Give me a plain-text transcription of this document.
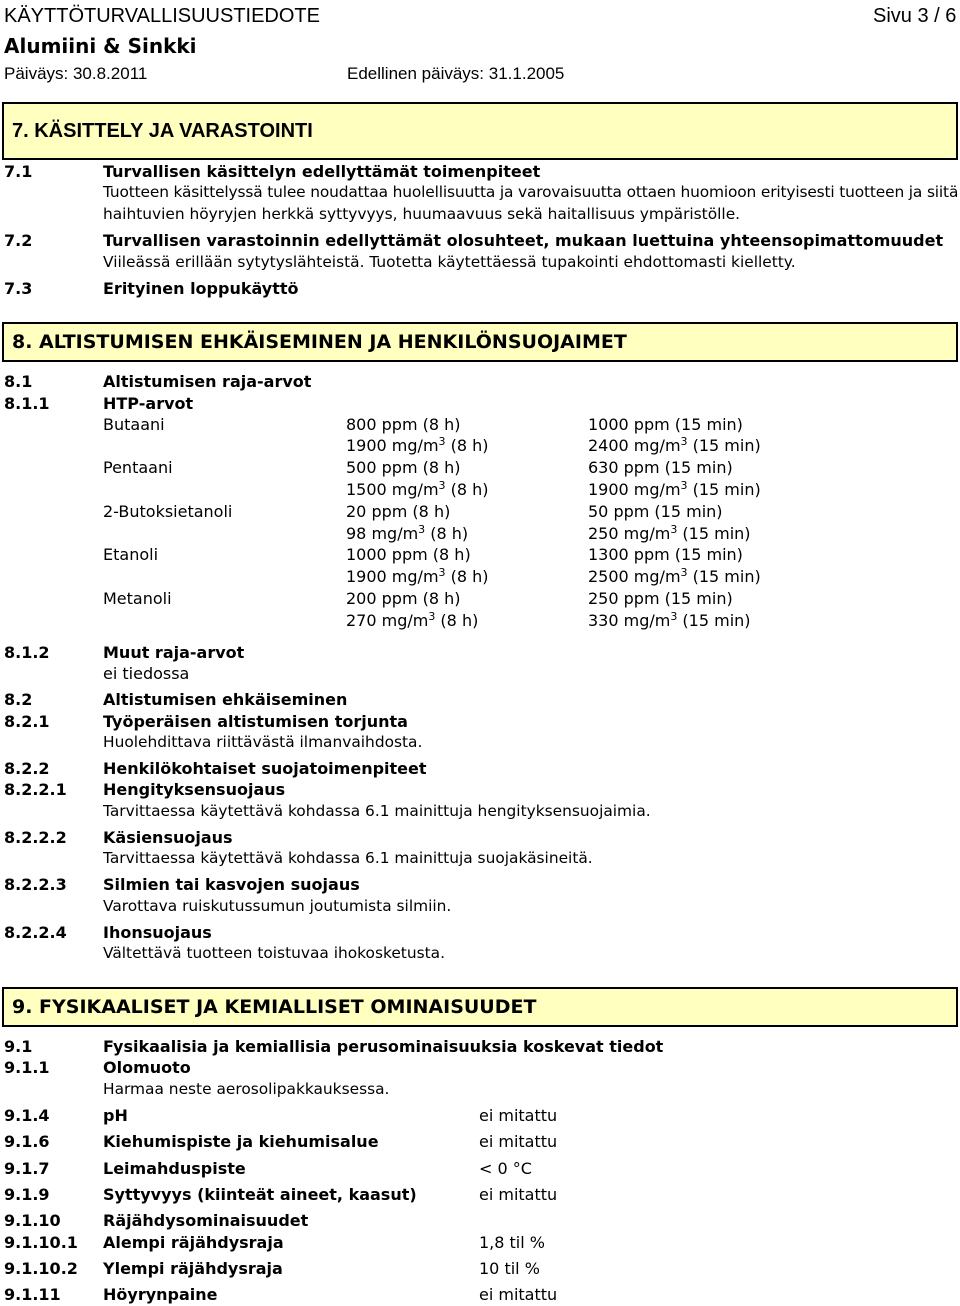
KÄYTTÖTURVALLISUUSTIEDOTE	Sivu 3 / 6
Alumiini & Sinkki
Päiväys: 30.8.2011	Edellinen päiväys: 31.1.2005
7. KÄSITTELY JA VARASTOINTI
7.1	Turvallisen käsittelyn edellyttämät toimenpiteet
Tuotteen käsittelyssä tulee noudattaa huolellisuutta ja varovaisuutta ottaen huomioon erityisesti tuotteen ja siitä
haihtuvien höyryjen herkkä syttyvyys, huumaavuus sekä haitallisuus ympäristölle.
7.2	Turvallisen varastoinnin edellyttämät olosuhteet, mukaan luettuina yhteensopimattomuudet
Viileässä erillään sytytyslähteistä. Tuotetta käytettäessä tupakointi ehdottomasti kielletty.
7.3	Erityinen loppukäyttö
8. ALTISTUMISEN EHKÄISEMINEN JA HENKILÖNSUOJAIMET
8.1	Altistumisen raja-arvot
8.1.1	HTP-arvot
Butaani	800 ppm (8 h)	1000 ppm (15 min)
1900 $mg/m^3$ (8 h)	2400 $mg/m^3$ (15 min)
Pentaani	500 ppm (8 h)	630 ppm (15 min)
1500 $mg/m^3$ (8 h)	1900 $mg/m^3$ (15 min)
2-Butoksietanoli	20 ppm (8 h)	50 ppm (15 min)
98 $mg/m^3$ (8 h)	250 $mg/m^3$ (15 min)
Etanoli	1000 ppm (8 h)	1300 ppm (15 min)
1900 $mg/m^3$ (8 h)	2500 $mg/m^3$ (15 min)
Metanoli	200 ppm (8 h)	250 ppm (15 min)
270 $mg/m^3$ (8 h)	330 $mg/m^3$ (15 min)
8.1.2	Muut raja-arvot
ei tiedossa
8.2	Altistumisen ehkäiseminen
8.2.1	Työperäisen altistumisen torjunta
Huolehdittava riittävästä ilmanvaihdosta.
8.2.2	Henkilökohtaiset suojatoimenpiteet
8.2.2.1 Hengityksensuojaus
Tarvittaessa käytettävä kohdassa 6.1 mainittuja hengityksensuojaimia.
8.2.2.2 Käsiensuojaus
Tarvittaessa käytettävä kohdassa 6.1 mainittuja suojakäsineitä.
8.2.2.3 Silmien tai kasvojen suojaus
Varottava ruiskutussumun joutumista silmiin.
8.2.2.4 Ihonsuojaus
Vältettävä tuotteen toistuvaa ihokosketusta.
9. FYSIKAALISET JA KEMIALLISET OMINAISUUDET
9.1	Fysikaalisia ja kemiallisia perusominaisuuksia koskevat tiedot
9.1.1	Olomuoto
Harmaa neste aerosolipakkauksessa.
9.1.4	pH	ei mitattu
9.1.6	Kiehumispiste ja kiehumisalue	ei mitattu
9.1.7	Leimahduspiste	< 0 °C
9.1.9	Syttyvyys (kiinteät aineet, kaasut)	ei mitattu
9.1.10	Räjähdysominaisuudet
9.1.10.1 Alempi räjähdysraja	1,8 til %
9.1.10.2 Ylempi räjähdysraja	10 til %
9.1.11	Höyrynpaine	ei mitattu
